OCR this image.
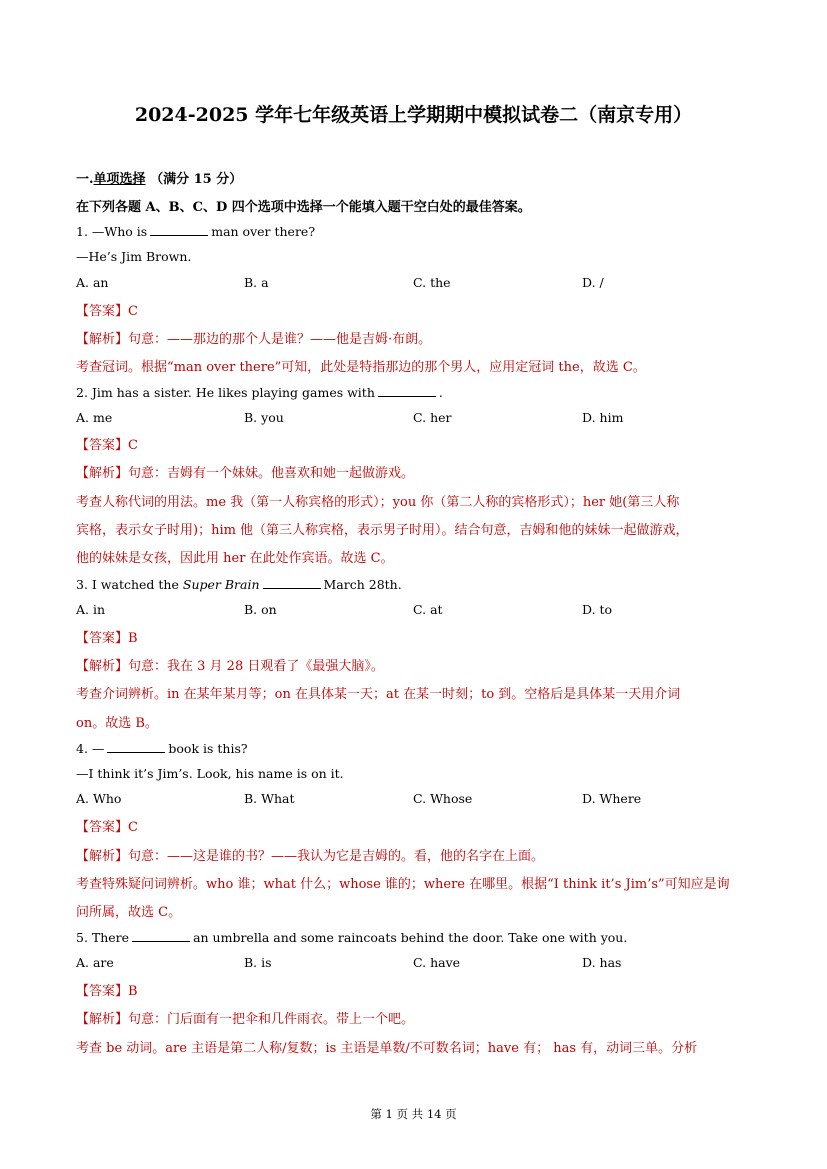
2024-2025 学年七年级英语上学期期中模拟试卷二（南京专用）
一.单项选择 （满分 15 分）
在下列各题 A、B、C、D 四个选项中选择一个能填入题干空白处的最佳答案。
1. —Who is	man over there?
—He’s Jim Brown.
A. an	B. a	C. the	D. /
【答案】C
【解析】句意：——那边的那个人是谁？——他是吉姆·布朗。
考查冠词。根据“man over there”可知，此处是特指那边的那个男人，应用定冠词 the，故选 C。
2. Jim has a sister. He likes playing games with	.
A. me	B. you	C. her	D. him
【答案】C
【解析】句意：吉姆有一个妹妹。他喜欢和她一起做游戏。
考查人称代词的用法。me 我（第一人称宾格的形式）；you 你（第二人称的宾格形式）；her 她(第三人称
宾格，表示女子时用)；him 他（第三人称宾格，表示男子时用）。结合句意，吉姆和他的妹妹一起做游戏，
他的妹妹是女孩，因此用 her 在此处作宾语。故选 C。
3. I watched the Super Brain	March 28th.
A. in	B. on	C. at	D. to
【答案】B
【解析】句意：我在 3 月 28 日观看了《最强大脑》。
考查介词辨析。in 在某年某月等；on 在具体某一天；at 在某一时刻；to 到。空格后是具体某一天用介词
on。故选 B。
4. —	book is this?
—I think it’s Jim’s. Look, his name is on it.
A. Who	B. What	C. Whose	D. Where
【答案】C
【解析】句意：——这是谁的书？——我认为它是吉姆的。看，他的名字在上面。
考查特殊疑问词辨析。who 谁；what 什么；whose 谁的；where 在哪里。根据“I think it’s Jim’s”可知应是询
问所属，故选 C。
5. There	an umbrella and some raincoats behind the door. Take one with you.
A. are	B. is	C. have	D. has
【答案】B
【解析】句意：门后面有一把伞和几件雨衣。带上一个吧。
考查 be 动词。are 主语是第二人称/复数；is 主语是单数/不可数名词；have 有； has 有，动词三单。分析
第 1 页 共 14 页
